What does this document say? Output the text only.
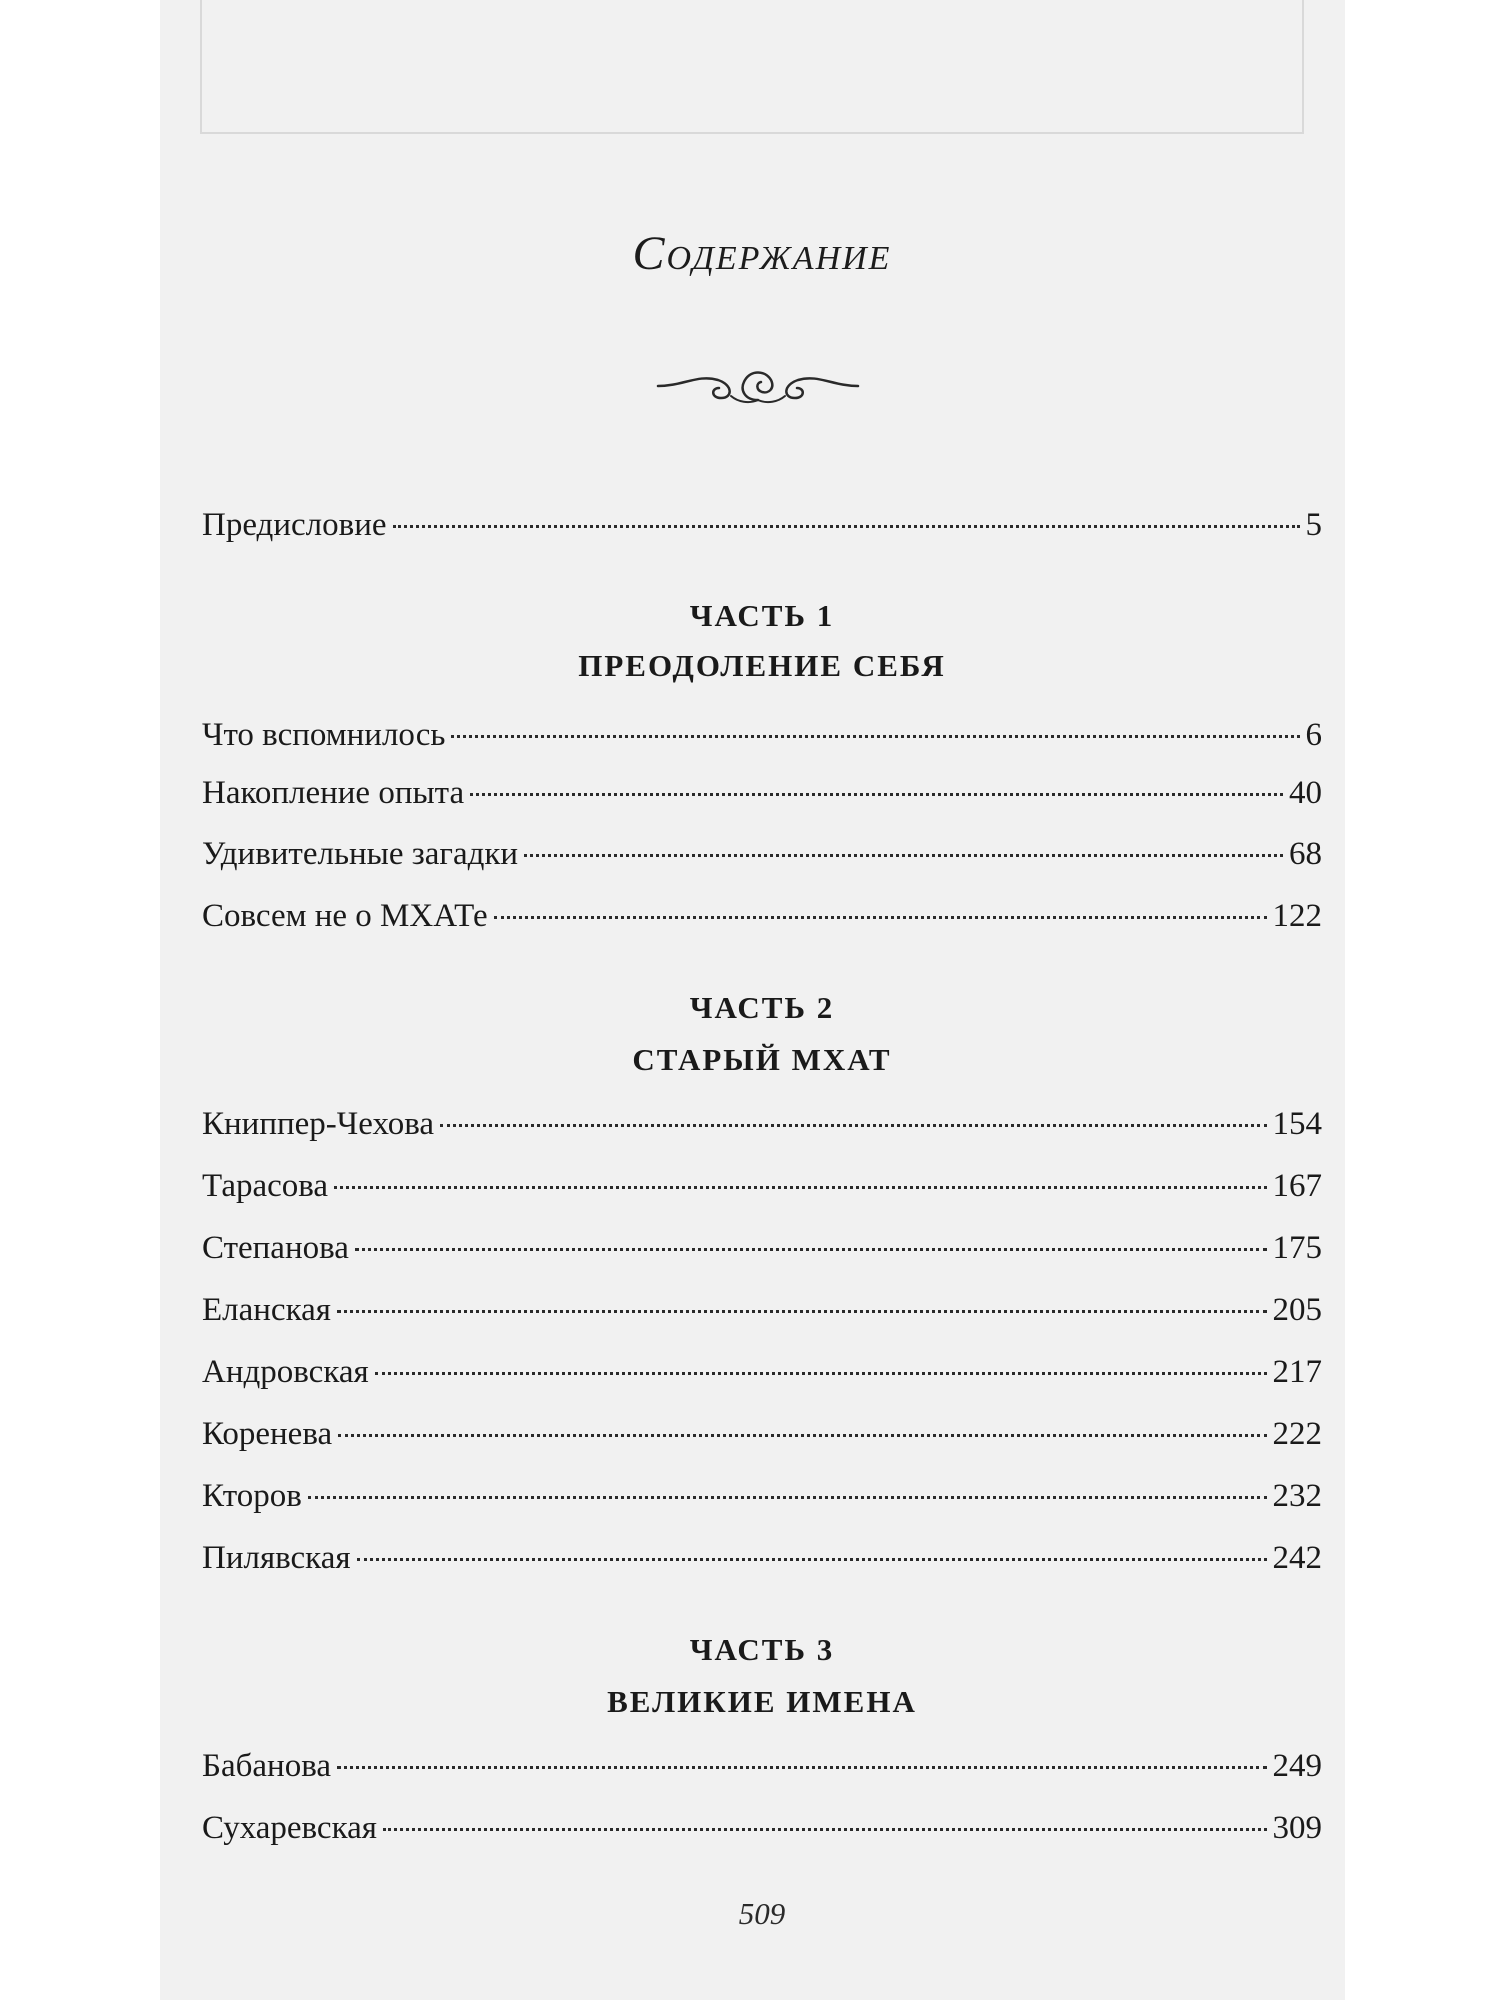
Содержание
Предисловие	5
ЧАСТЬ 1
ПРЕОДОЛЕНИЕ СЕБЯ
Что вспомнилось	6
Накопление опыта	40
Удивительные загадки	68
Совсем не о МХАТе	122
ЧАСТЬ 2
СТАРЫЙ МХАТ
Книппер-Чехова	154
Тарасова	167
Степанова	175
Еланская	205
Андровская	217
Коренева	222
Кторов	232
Пилявская	242
ЧАСТЬ 3
ВЕЛИКИЕ ИМЕНА
Бабанова	249
Сухаревская	309
509
